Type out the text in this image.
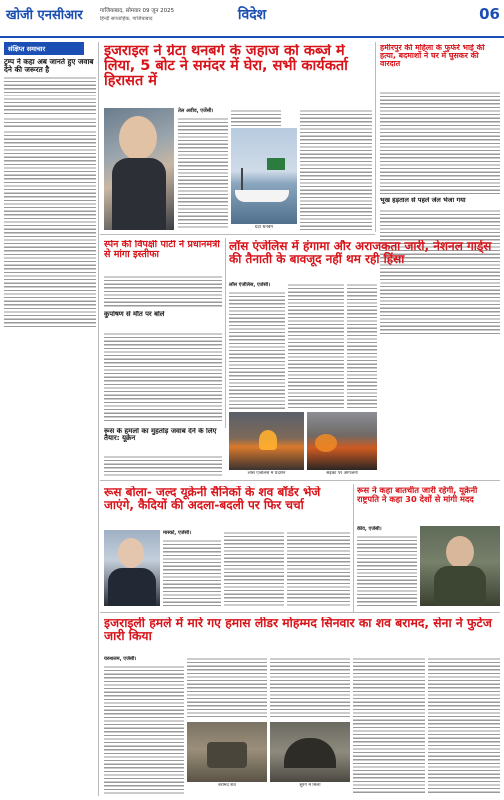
खोजी एनसीआर	गाजियाबाद, सोमवार 09 जून 2025
हिन्दी साप्ताहिक, गाजियाबाद	विदेश	06
संक्षिप्त समाचार
ट्रम्प ने कहा अब जानते हुए जवाब देने की जरूरत है
इजराइल ने ग्रेटा थनबर्ग के जहाज को कब्जे में लिया, 5 बोट ने समंदर में घेरा, सभी कार्यकर्ता हिरासत में
तेल अवीव, एजेंसी।
ग्रेटा थनबर्ग
हमीरपुर की महिला के फुफेरे भाई की हत्या, बदमाशों ने घर में घुसकर की वारदात
भूख हड़ताल से पहले जेल भेजा गया
स्पेन की विपक्षी पार्टी ने प्रधानमंत्री से मांगा इस्तीफा
कुपोषण से मौत पर बोले
लॉस एंजेलिस में हंगामा और अराजकता जारी, नेशनल गार्ड्स की तैनाती के बावजूद नहीं थम रही हिंसा
लॉस एंजेलिस, एजेंसी।
लॉस एंजेलिस में प्रदर्शन	सड़कों पर आगजनी
रूस बोला- जल्द यूक्रेनी सैनिकों के शव बॉर्डर भेजे जाएंगे, कैदियों की अदला-बदली पर फिर चर्चा
मास्को, एजेंसी।
रूस ने कहा बातचीत जारी रहेगी, यूक्रेनी राष्ट्रपति ने कहा 30 देशों से मांगी मदद
कीव, एजेंसी।
रूस के हमलों का मुंहतोड़ जवाब देने के लिए तैयार: यूक्रेन
इजराइली हमले में मारे गए हमास लीडर मोहम्मद सिनवार का शव बरामद, सेना ने फुटेज जारी किया
यरुशलम, एजेंसी।
बरामद शव	सुरंग में मिला
